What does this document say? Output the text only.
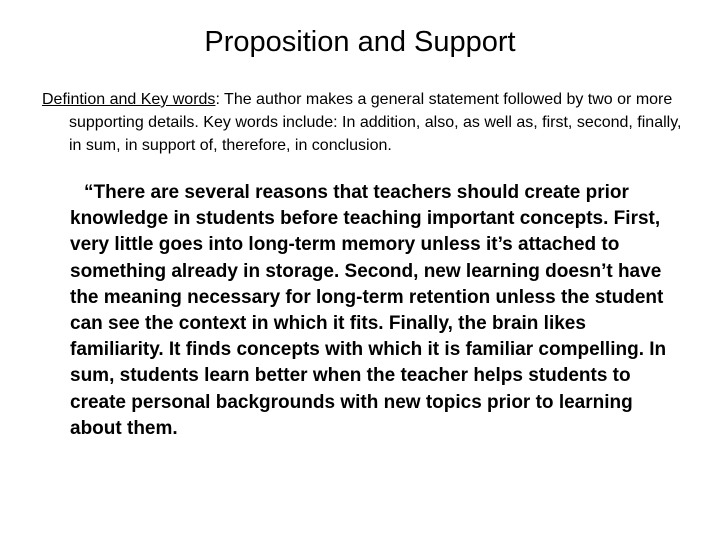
Proposition and Support

Defintion and Key words: The author makes a general statement followed by two or more supporting details. Key words include: In addition, also, as well as, first, second, finally, in sum, in support of, therefore, in conclusion.

“There are several reasons that teachers should create prior knowledge in students before teaching important concepts. First, very little goes into long-term memory unless it’s attached to something already in storage. Second, new learning doesn’t have the meaning necessary for long-term retention unless the student can see the context in which it fits. Finally, the brain likes familiarity. It finds concepts with which it is familiar compelling. In sum, students learn better when the teacher helps students to create personal backgrounds with new topics prior to learning about them.
